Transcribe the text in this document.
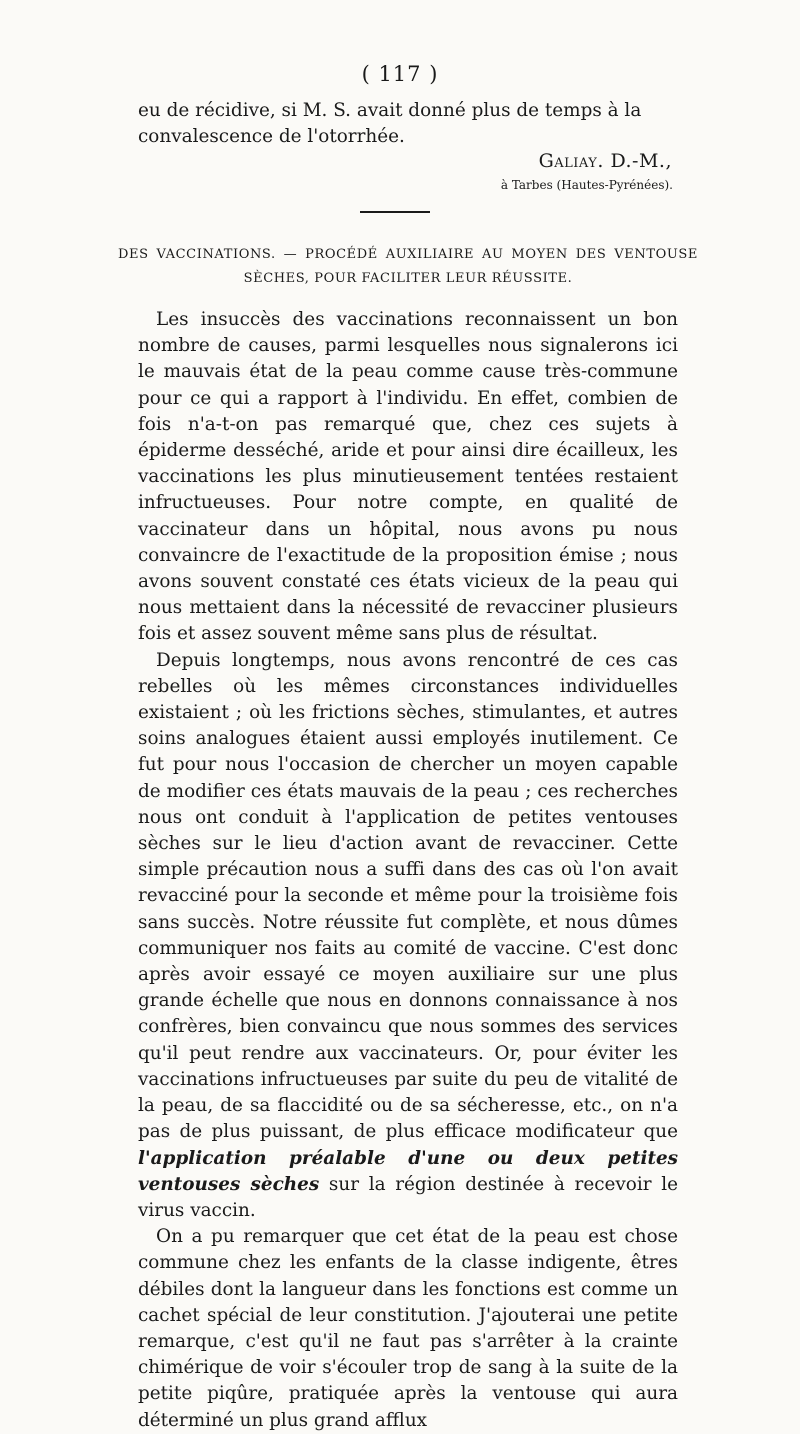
( 117 )

eu de récidive, si M. S. avait donné plus de temps à la convalescence de l'otorrhée.

Galiay. D.-M.,
à Tarbes (Hautes-Pyrénées).
DES VACCINATIONS. — PROCÉDÉ AUXILIAIRE AU MOYEN DES VENTOUSE
SÈCHES, POUR FACILITER LEUR RÉUSSITE.

Les insuccès des vaccinations reconnaissent un bon nombre de causes, parmi lesquelles nous signalerons ici le mauvais état de la peau comme cause très-commune pour ce qui a rapport à l'individu. En effet, combien de fois n'a-t-on pas remarqué que, chez ces sujets à épiderme desséché, aride et pour ainsi dire écailleux, les vaccinations les plus minutieusement tentées restaient infructueuses. Pour notre compte, en qualité de vaccinateur dans un hôpital, nous avons pu nous convaincre de l'exactitude de la proposition émise ; nous avons souvent constaté ces états vicieux de la peau qui nous mettaient dans la nécessité de revacciner plusieurs fois et assez souvent même sans plus de résultat.

Depuis longtemps, nous avons rencontré de ces cas rebelles où les mêmes circonstances individuelles existaient ; où les frictions sèches, stimulantes, et autres soins analogues étaient aussi employés inutilement. Ce fut pour nous l'occasion de chercher un moyen capable de modifier ces états mauvais de la peau ; ces recherches nous ont conduit à l'application de petites ventouses sèches sur le lieu d'action avant de revacciner. Cette simple précaution nous a suffi dans des cas où l'on avait revacciné pour la seconde et même pour la troisième fois sans succès. Notre réussite fut complète, et nous dûmes communiquer nos faits au comité de vaccine. C'est donc après avoir essayé ce moyen auxiliaire sur une plus grande échelle que nous en donnons connaissance à nos confrères, bien convaincu que nous sommes des services qu'il peut rendre aux vaccinateurs. Or, pour éviter les vaccinations infructueuses par suite du peu de vitalité de la peau, de sa flaccidité ou de sa sécheresse, etc., on n'a pas de plus puissant, de plus efficace modificateur que l'application préalable d'une ou deux petites ventouses sèches sur la région destinée à recevoir le virus vaccin.

On a pu remarquer que cet état de la peau est chose commune chez les enfants de la classe indigente, êtres débiles dont la langueur dans les fonctions est comme un cachet spécial de leur constitution. J'ajouterai une petite remarque, c'est qu'il ne faut pas s'arrêter à la crainte chimérique de voir s'écouler trop de sang à la suite de la petite piqûre, pratiquée après la ventouse qui aura déterminé un plus grand afflux
